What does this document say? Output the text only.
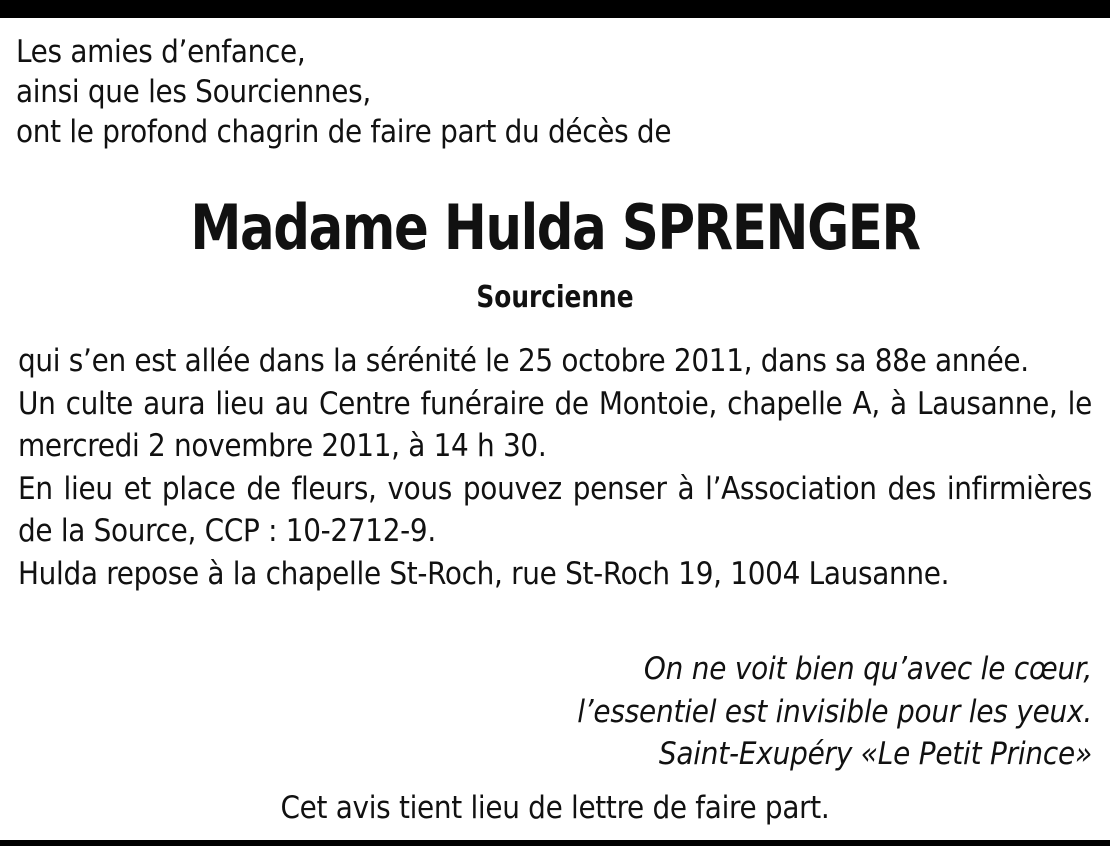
Les amies d’enfance,
ainsi que les Sourciennes,
ont le profond chagrin de faire part du décès de
Madame Hulda SPRENGER
Sourcienne
qui s’en est allée dans la sérénité le 25 octobre 2011, dans sa 88e année.
Un culte aura lieu au Centre funéraire de Montoie, chapelle A, à Lausanne, le mercredi 2 novembre 2011, à 14 h 30.
En lieu et place de fleurs, vous pouvez penser à l’Association des infirmières de la Source, CCP : 10-2712-9.
Hulda repose à la chapelle St-Roch, rue St-Roch 19, 1004 Lausanne.
On ne voit bien qu’avec le cœur,
l’essentiel est invisible pour les yeux.
Saint-Exupéry «Le Petit Prince»
Cet avis tient lieu de lettre de faire part.
